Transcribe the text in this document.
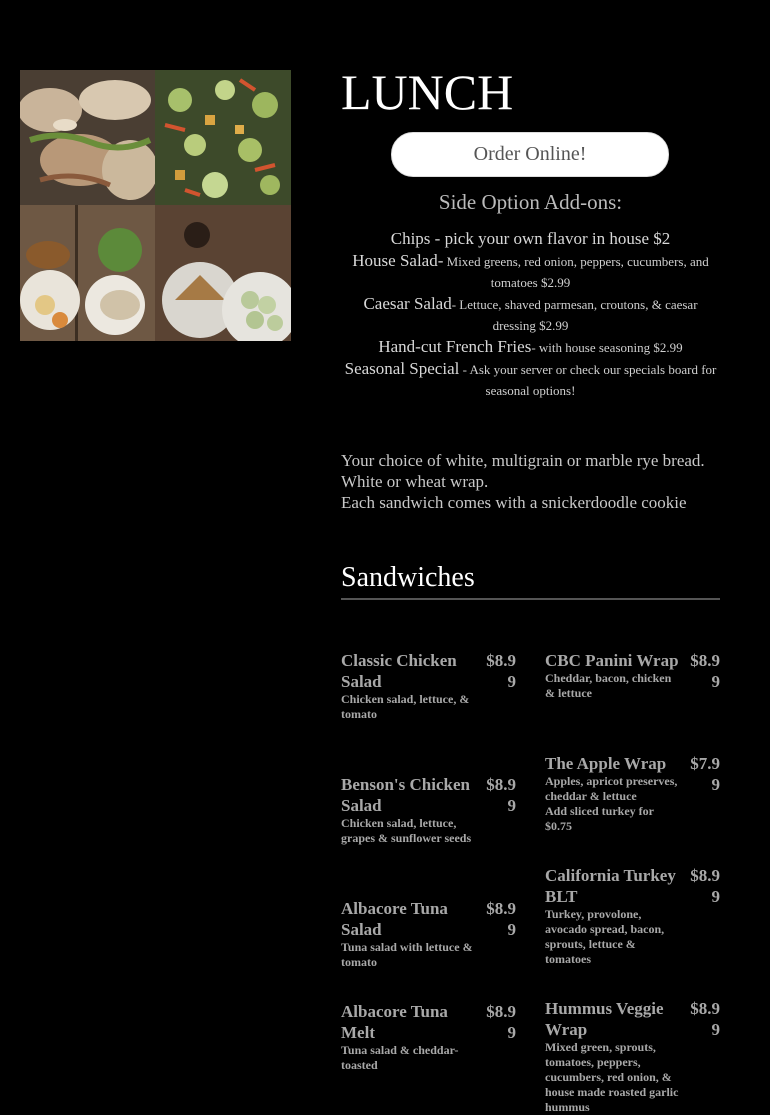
LUNCH
Order Online!
Side Option Add-ons:

Chips - pick your own flavor in house $2

House Salad- Mixed greens, red onion, peppers, cucumbers, and tomatoes $2.99

Caesar Salad- Lettuce, shaved parmesan, croutons, & caesar dressing $2.99

Hand-cut French Fries- with house seasoning $2.99

Seasonal Special - Ask your server or check our specials board for seasonal options!

Your choice of white, multigrain or marble rye bread. White or wheat wrap.
Each sandwich comes with a snickerdoodle cookie
Sandwiches
Classic Chicken Salad
$8.99
Chicken salad, lettuce, & tomato
CBC Panini Wrap $8.99
Cheddar, bacon, chicken & lettuce
The Apple Wrap	$7.99
Apples, apricot preserves, cheddar & lettuce
Add sliced turkey for $0.75
Benson's Chicken Salad
$8.99
Chicken salad, lettuce, grapes & sunflower seeds
California Turkey BLT
$8.99
Turkey, provolone, avocado spread, bacon, sprouts, lettuce & tomatoes
Albacore Tuna Salad
$8.99
Tuna salad with lettuce & tomato
Albacore Tuna Melt
$8.99
Tuna salad & cheddar- toasted
Hummus Veggie Wrap
$8.99
Mixed green, sprouts, tomatoes, peppers, cucumbers, red onion, & house made roasted garlic hummus
